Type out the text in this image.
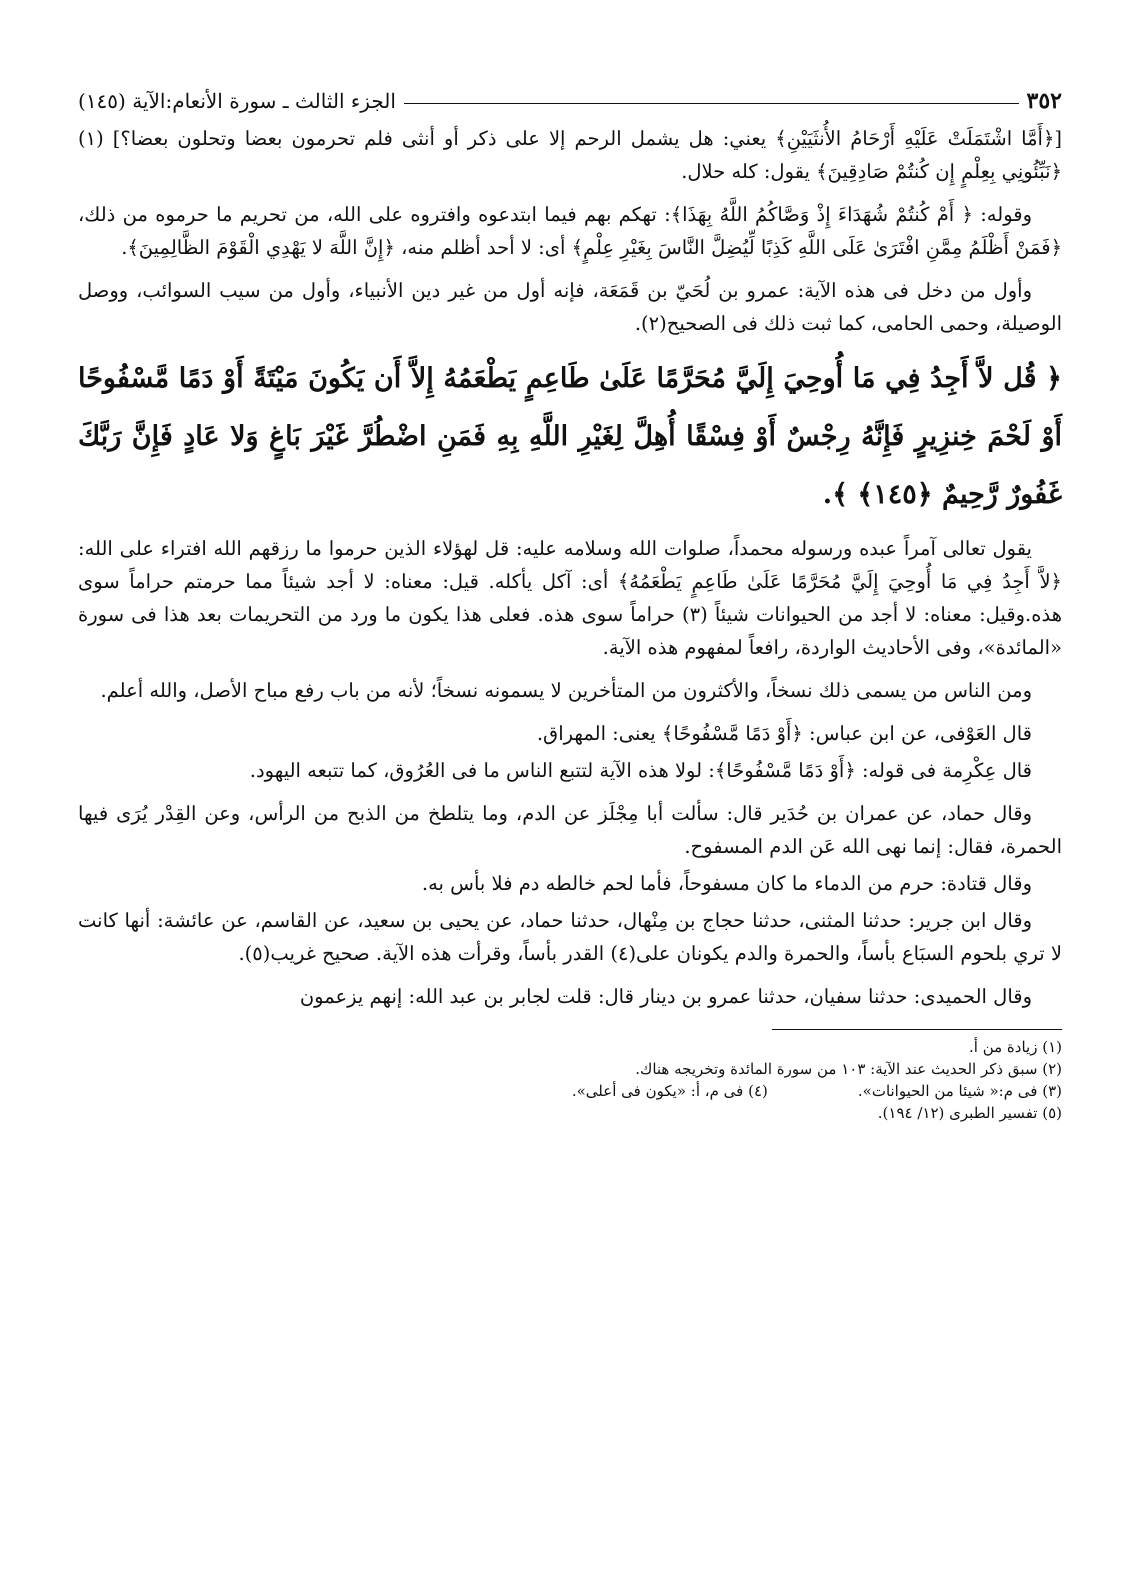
٣٥٢
الجزء الثالث ـ سورة الأنعام:الآية (١٤٥)

[﴿أَمَّا اشْتَمَلَتْ عَلَيْهِ أَرْحَامُ الأُنثَيَيْنِ﴾ يعني: هل يشمل الرحم إلا على ذكر أو أنثى فلم تحرمون بعضا وتحلون بعضا؟] (١) ﴿نَبِّئُونِي بِعِلْمٍ إِن كُنتُمْ صَادِقِينَ﴾ يقول: كله حلال.

وقوله: ﴿ أَمْ كُنتُمْ شُهَدَاءَ إِذْ وَصَّاكُمُ اللَّهُ بِهَذَا﴾: تهكم بهم فيما ابتدعوه وافتروه على الله، من تحريم ما حرموه من ذلك، ﴿فَمَنْ أَظْلَمُ مِمَّنِ افْتَرَىٰ عَلَى اللَّهِ كَذِبًا لِّيُضِلَّ النَّاسَ بِغَيْرِ عِلْمٍ﴾ أى: لا أحد أظلم منه، ﴿إِنَّ اللَّهَ لا يَهْدِي الْقَوْمَ الظَّالِمِينَ﴾.

وأول من دخل فى هذه الآية: عمرو بن لُحَيّ بن قَمَعَة، فإنه أول من غير دين الأنبياء، وأول من سيب السوائب، ووصل الوصيلة، وحمى الحامى، كما ثبت ذلك فى الصحيح(٢).

﴿ قُل لاَّ أَجِدُ فِي مَا أُوحِيَ إِلَيَّ مُحَرَّمًا عَلَىٰ طَاعِمٍ يَطْعَمُهُ إِلاَّ أَن يَكُونَ مَيْتَةً أَوْ دَمًا مَّسْفُوحًا أَوْ لَحْمَ خِنزِيرٍ فَإِنَّهُ رِجْسٌ أَوْ فِسْقًا أُهِلَّ لِغَيْرِ اللَّهِ بِهِ فَمَنِ اضْطُرَّ غَيْرَ بَاغٍ وَلا عَادٍ فَإِنَّ رَبَّكَ غَفُورٌ رَّحِيمٌ ﴿١٤٥﴾ ﴾.

يقول تعالى آمراً عبده ورسوله محمداً، صلوات الله وسلامه عليه: قل لهؤلاء الذين حرموا ما رزقهم الله افتراء على الله: ﴿لاَّ أَجِدُ فِي مَا أُوحِيَ إِلَيَّ مُحَرَّمًا عَلَىٰ طَاعِمٍ يَطْعَمُهُ﴾ أى: آكل يأكله. قيل: معناه: لا أجد شيئاً مما حرمتم حراماً سوى هذه.وقيل: معناه: لا أجد من الحيوانات شيئاً (٣) حراماً سوى هذه. فعلى هذا يكون ما ورد من التحريمات بعد هذا فى سورة «المائدة»، وفى الأحاديث الواردة، رافعاً لمفهوم هذه الآية.

ومن الناس من يسمى ذلك نسخاً، والأكثرون من المتأخرين لا يسمونه نسخاً؛ لأنه من باب رفع مباح الأصل، والله أعلم.

قال العَوْفى، عن ابن عباس: ﴿أَوْ دَمًا مَّسْفُوحًا﴾ يعنى: المهراق.

قال عِكْرِمة فى قوله: ﴿أَوْ دَمًا مَّسْفُوحًا﴾: لولا هذه الآية لتتبع الناس ما فى العُرُوق، كما تتبعه اليهود.

وقال حماد، عن عمران بن حُدَير قال: سألت أبا مِجْلَز عن الدم، وما يتلطخ من الذبح من الرأس، وعن القِدْر يُرَى فيها الحمرة، فقال: إنما نهى الله عَن الدم المسفوح.

وقال قتادة: حرم من الدماء ما كان مسفوحاً، فأما لحم خالطه دم فلا بأس به.

وقال ابن جرير: حدثنا المثنى، حدثنا حجاج بن مِنْهال، حدثنا حماد، عن يحيى بن سعيد، عن القاسم، عن عائشة: أنها كانت لا تري بلحوم السبَاع بأساً، والحمرة والدم يكونان على(٤) القدر بأساً، وقرأت هذه الآية. صحيح غريب(٥).

وقال الحميدى: حدثنا سفيان، حدثنا عمرو بن دينار قال: قلت لجابر بن عبد الله: إنهم يزعمون

(١) زيادة من أ.
(٢) سبق ذكر الحديث عند الآية: ١٠٣ من سورة المائدة وتخريجه هناك.
(٣) فى م:« شيئا من الحيوانات».
(٤) فى م، أ: «يكون فى أعلى».
(٥) تفسير الطبرى (١٢/ ١٩٤).
